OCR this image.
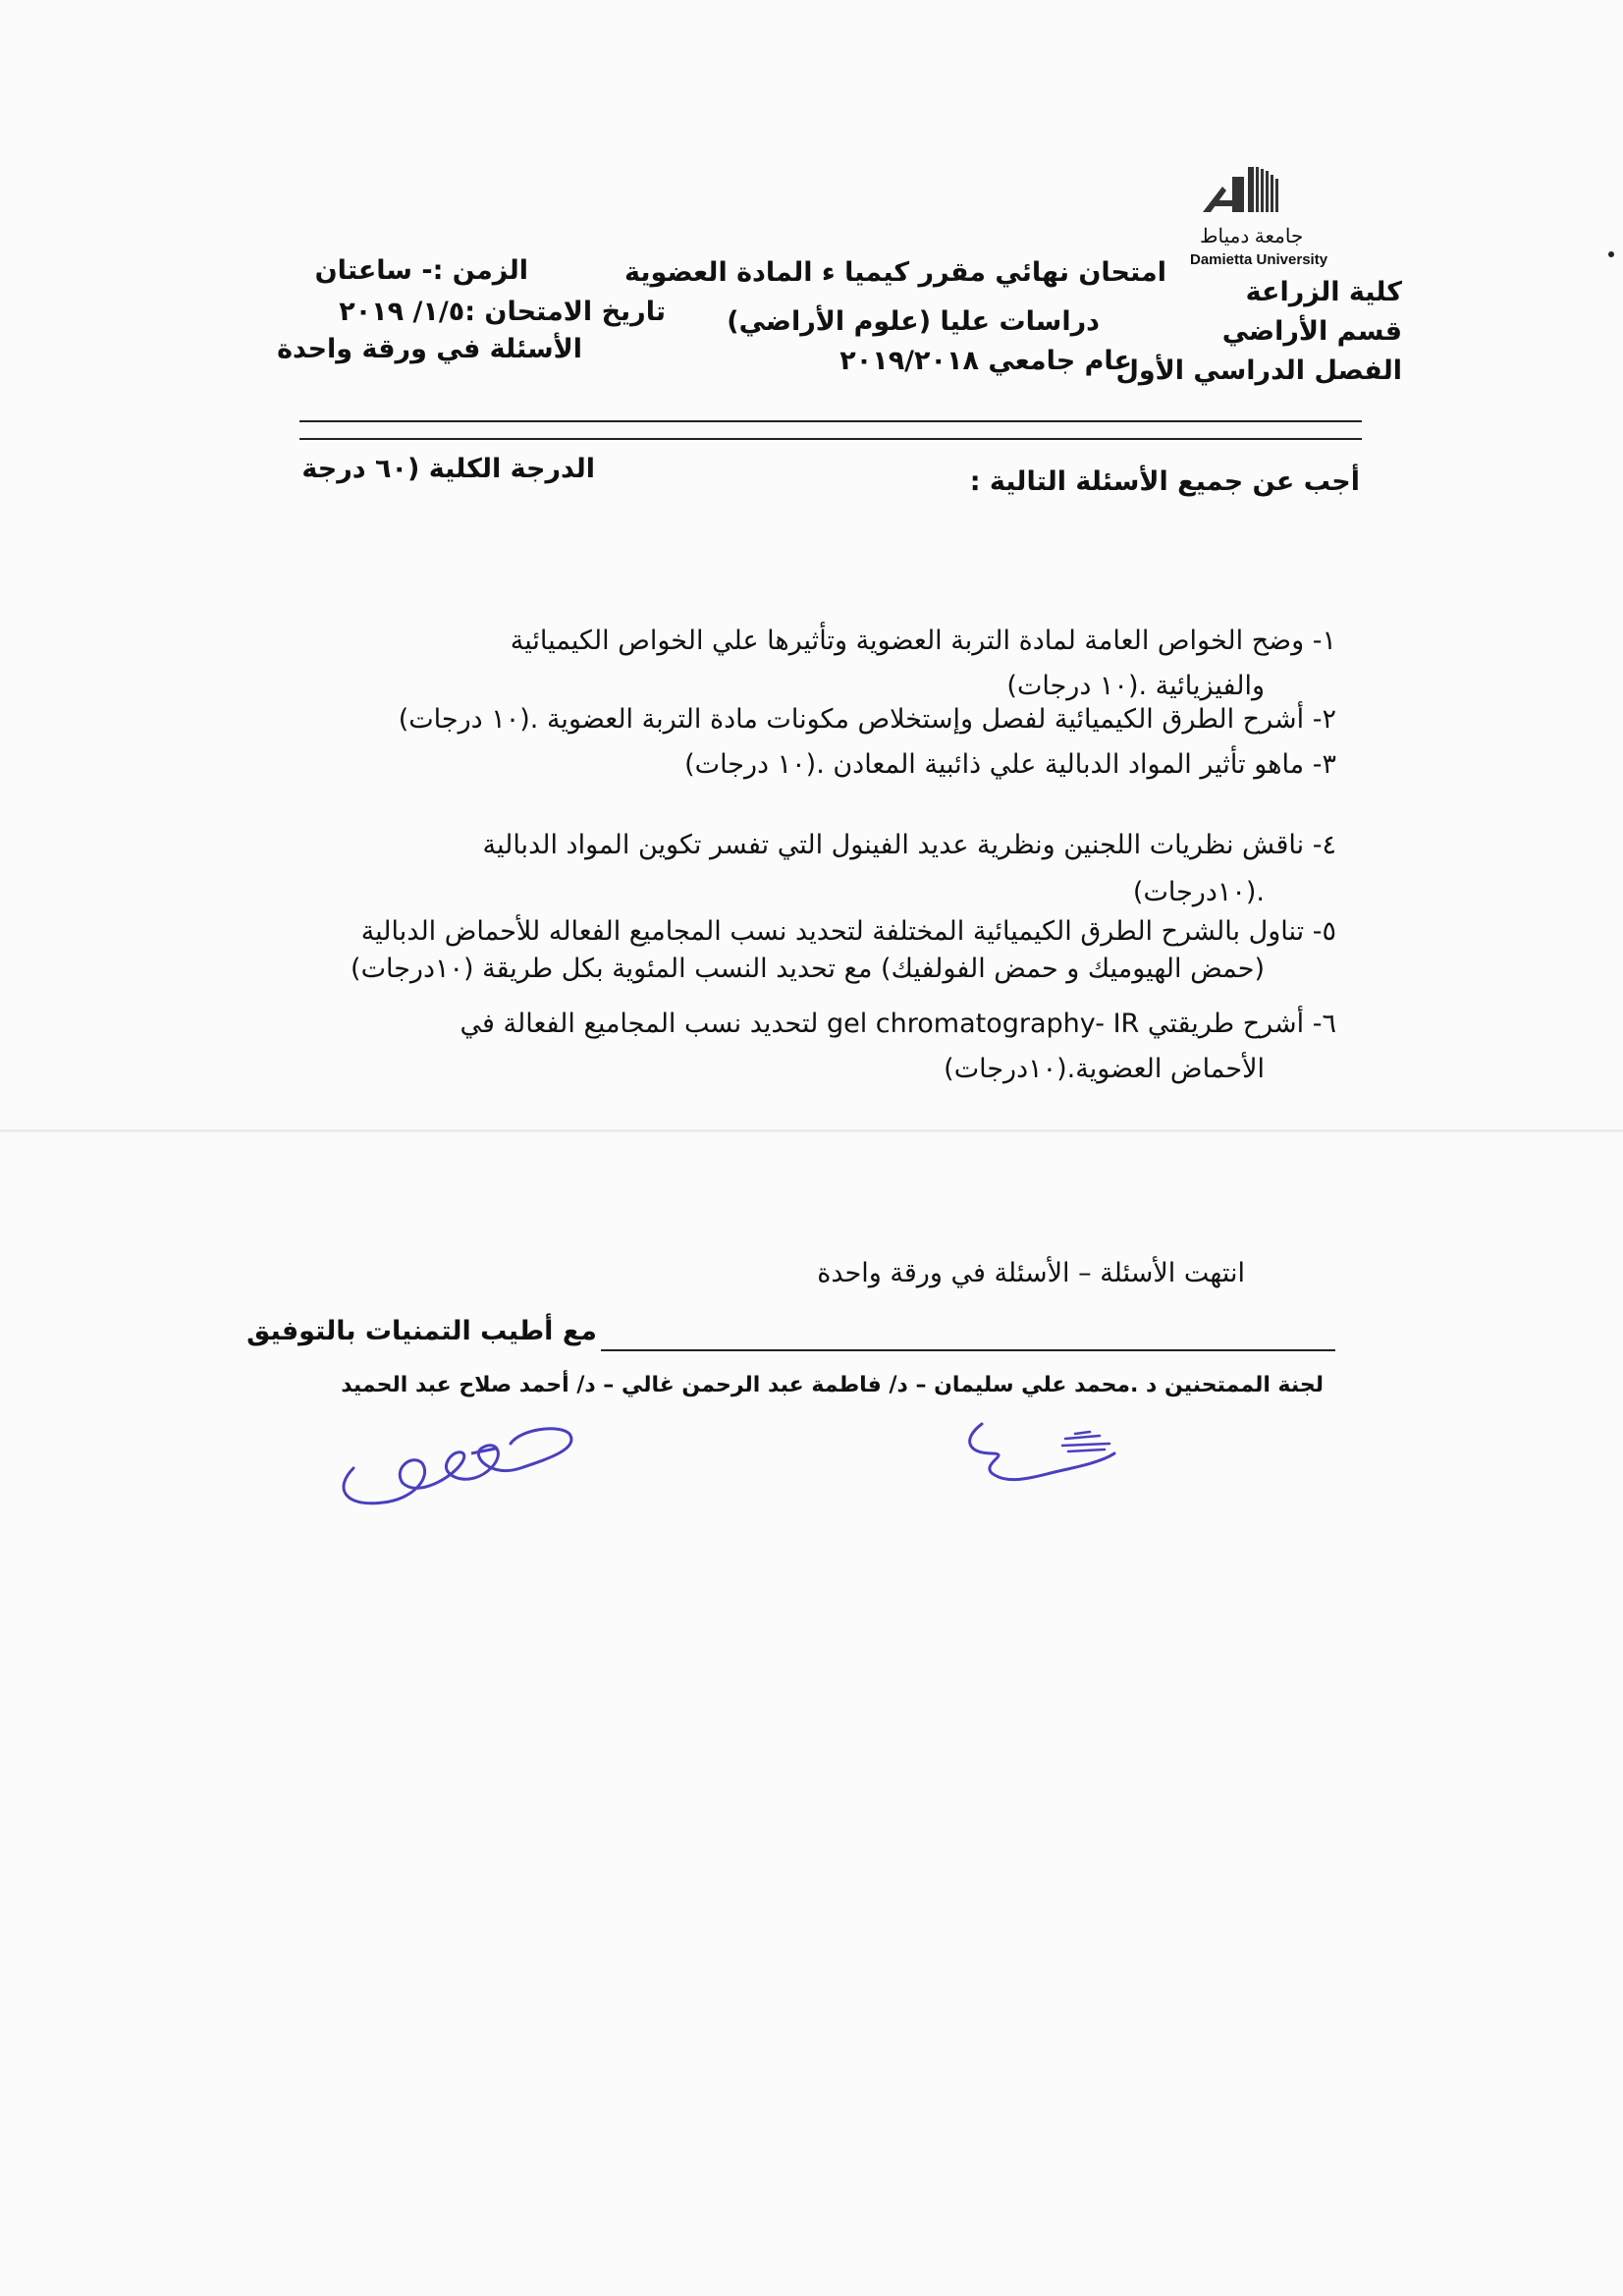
جامعة دمياط
Damietta University
كلية الزراعة
قسم الأراضي
الفصل الدراسي الأول
امتحان نهائي مقرر كيميا ء المادة العضوية
دراسات عليا (علوم الأراضي)
عام جامعي ٢٠١٩/٢٠١٨
الزمن :- ساعتان
تاريخ الامتحان :١/٥/ ٢٠١٩
الأسئلة في ورقة واحدة
أجب عن جميع الأسئلة التالية :
الدرجة الكلية (٦٠ درجة
١- وضح الخواص العامة لمادة التربة العضوية وتأثيرها علي الخواص الكيميائية
والفيزيائية .(١٠ درجات)
٢- أشرح الطرق الكيميائية لفصل وإستخلاص مكونات مادة التربة العضوية .(١٠ درجات)
٣- ماهو تأثير المواد الدبالية علي ذائبية المعادن .(١٠ درجات)
٤- ناقش نظريات اللجنين ونظرية عديد الفينول التي تفسر تكوين المواد الدبالية
.(١٠درجات)
٥- تناول بالشرح الطرق الكيميائية المختلفة لتحديد نسب المجاميع الفعاله للأحماض الدبالية
(حمض الهيوميك و حمض الفولفيك) مع تحديد النسب المئوية بكل طريقة (١٠درجات)
٦- أشرح طريقتي gel chromatography- IR لتحديد نسب المجاميع الفعالة في
الأحماض العضوية.(١٠درجات)
انتهت الأسئلة – الأسئلة في ورقة واحدة
مع أطيب التمنيات بالتوفيق
لجنة الممتحنين د .محمد علي سليمان – د/ فاطمة عبد الرحمن غالي – د/ أحمد صلاح عبد الحميد
